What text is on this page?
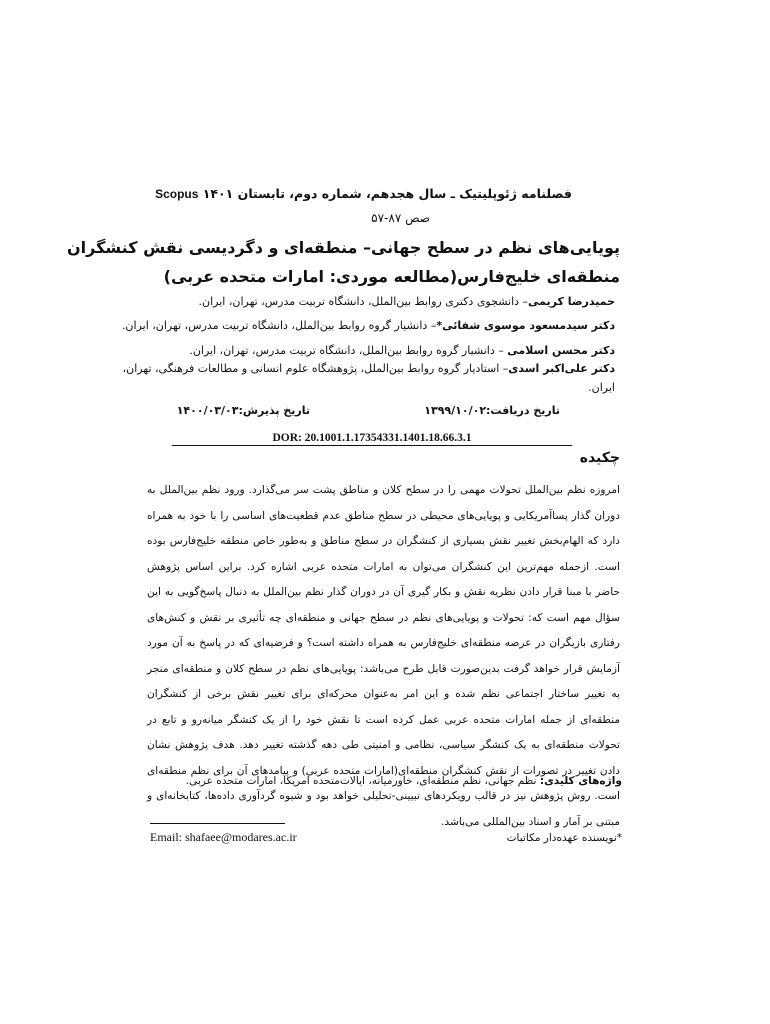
فصلنامه ژئوپلیتیک ـ سال هجدهم، شماره دوم، تابستان ۱۴۰۱ Scopus
صص ۸۷-۵۷
پویایی‌های نظم در سطح جهانی– منطقه‌ای و دگردیسی نقش کنشگران
منطقه‌ای خلیج‌فارس(مطالعه موردی: امارات متحده عربی)
حمیدرضا کریمی– دانشجوی دکتری روابط بین‌الملل، دانشگاه تربیت مدرس، تهران، ایران.
دکتر سیدمسعود موسوی شفائی*– دانشیار گروه روابط بین‌الملل، دانشگاه تربیت مدرس، تهران، ایران.
دکتر محسن اسلامی – دانشیار گروه روابط بین‌الملل، دانشگاه تربیت مدرس، تهران، ایران.
دکتر علی‌اکبر اسدی– استادیار گروه روابط بین‌الملل، پژوهشگاه علوم انسانی و مطالعات فرهنگی، تهران،
ایران.
تاریخ دریافت:۱۳۹۹/۱۰/۰۲
تاریخ پذیرش:۱۴۰۰/۰۳/۰۳
DOR: 20.1001.1.17354331.1401.18.66.3.1
چکیده
امروزه نظم بین‌الملل تحولات مهمی را در سطح کلان و مناطق پشت سر می‌گذارد. ورود نظم بین‌الملل به دوران گذار پساآمریکایی و پویایی‌های محیطی در سطح مناطق عدم قطعیت‌های اساسی را با خود به همراه دارد که الهام‌بخش تغییر نقش بسیاری از کنشگران در سطح مناطق و به‌طور خاص منطقه خلیج‌فارس بوده است. ازجمله مهم‌ترین این کنشگران می‌توان به امارات متحده عربی اشاره کرد. براین اساس پژوهش حاضر با مبنا قرار دادن نظریه نقش و بکار گیری آن در دوران گذار نظم بین‌الملل به دنبال پاسخ‌گویی به این سؤال مهم است که: تحولات و پویایی‌های نظم در سطح جهانی و منطقه‌ای چه تأثیری بر نقش و کنش‌های رفتاری بازیگران در عرصه منطقه‌ای خلیج‌فارس به همراه داشته است؟ و فرضیه‌ای که در پاسخ به آن مورد آزمایش قرار خواهد گرفت بدین‌صورت قابل طرح می‌باشد: پویایی‌های نظم در سطح کلان و منطقه‌ای منجر به تغییر ساختار اجتماعی نظم شده و این امر به‌عنوان محرکه‌ای برای تغییر نقش برخی از کنشگران منطقه‌ای از جمله امارات متحده عربی عمل کرده است تا نقش خود را از یک کنشگر میانه‌رو و تابع در تحولات منطقه‌ای به یک کنشگر سیاسی، نظامی و امنیتی طی دهه گذشته تغییر دهد. هدف پژوهش نشان دادن تغییر در تصورات از نقش کنشگران منطقه‌ای(امارات متحده عربی) و پیامدهای آن برای نظم منطقه‌ای است. روش پژوهش نیز در قالب رویکردهای تبیینی-تحلیلی خواهد بود و شیوه گردآوری داده‌ها، کتابخانه‌ای و مبتنی بر آمار و اسناد بین‌المللی می‌باشد.
واژه‌های کلیدی: نظم جهانی، نظم منطقه‌ای، خاورمیانه، ایالات‌متحده آمریکا، امارات متحده عربی.
Email: shafaee@modares.ac.ir	*نویسنده عهده‌دار مکاتبات
